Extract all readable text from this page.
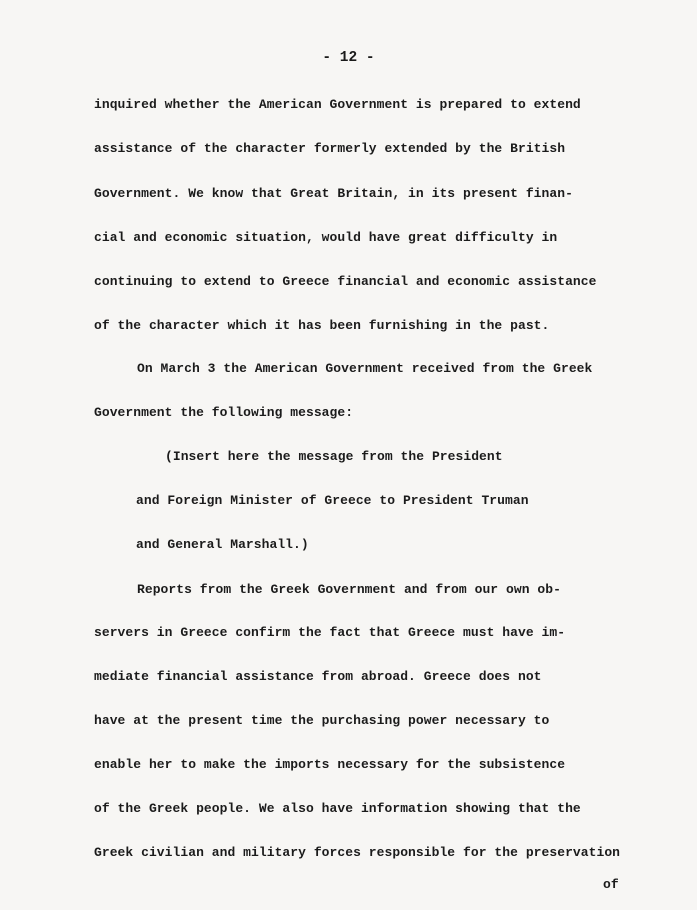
- 12 -
inquired whether the American Government is prepared to extend
assistance of the character formerly extended by the British
Government. We know that Great Britain, in its present finan-
cial and economic situation, would have great difficulty in
continuing to extend to Greece financial and economic assistance
of the character which it has been furnishing in the past.
On March 3 the American Government received from the Greek
Government the following message:
(Insert here the message from the President
and Foreign Minister of Greece to President Truman
and General Marshall.)
Reports from the Greek Government and from our own ob-
servers in Greece confirm the fact that Greece must have im-
mediate financial assistance from abroad. Greece does not
have at the present time the purchasing power necessary to
enable her to make the imports necessary for the subsistence
of the Greek people. We also have information showing that the
Greek civilian and military forces responsible for the preservation
of
